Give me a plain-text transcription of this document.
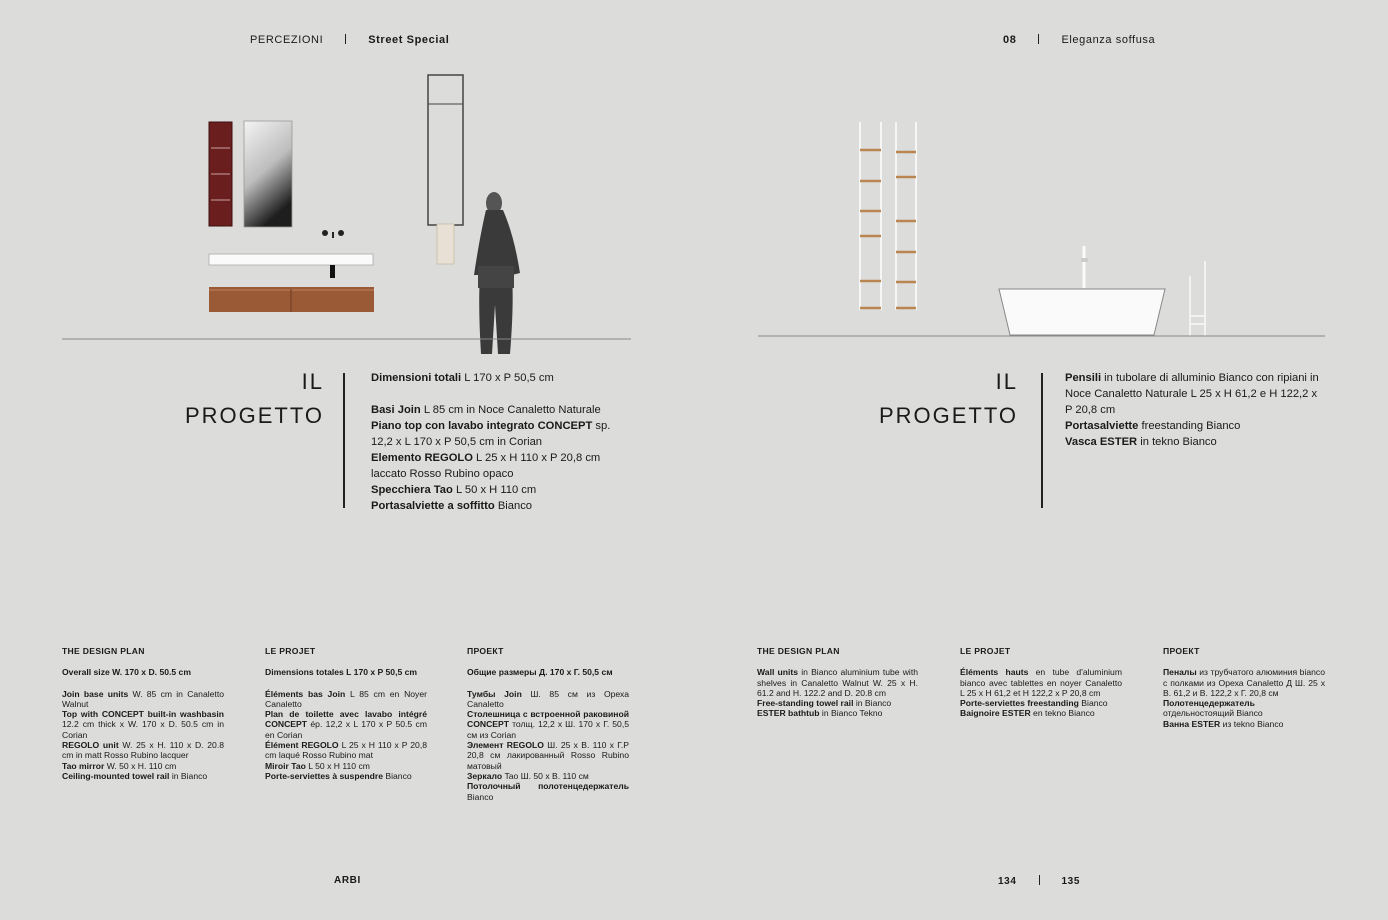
PERCEZIONI	Street Special	08	Eleganza soffusa
IL
PROGETTO

Dimensioni totali L 170 x P 50,5 cm

Basi Join L 85 cm in Noce Canaletto Naturale

Piano top con lavabo integrato CONCEPT sp. 12,2 x L 170 x P 50,5 cm in Corian

Elemento REGOLO L 25 x H 110 x P 20,8 cm laccato Rosso Rubino opaco

Specchiera Tao L 50 x H 110 cm

Portasalviette a soffitto Bianco

IL
PROGETTO

Pensili in tubolare di alluminio Bianco con ripiani in Noce Canaletto Naturale L 25 x H 61,2 e H 122,2 x P 20,8 cm

Portasalviette freestanding Bianco

Vasca ESTER in tekno Bianco

THE DESIGN PLAN
Overall size W. 170 x D. 50.5 cm

Join base units W. 85 cm in Canaletto Walnut

Top with CONCEPT built-in washbasin 12.2 cm thick x W. 170 x D. 50.5 cm in Corian

REGOLO unit W. 25 x H. 110 x D. 20.8 cm in matt Rosso Rubino lacquer

Tao mirror W. 50 x H. 110 cm

Ceiling-mounted towel rail in Bianco

LE PROJET
Dimensions totales L 170 x P 50,5 cm

Éléments bas Join L 85 cm en Noyer Canaletto

Plan de toilette avec lavabo intégré CONCEPT ép. 12,2 x L 170 x P 50.5 cm en Corian

Élément REGOLO L 25 x H 110 x P 20,8 cm laqué Rosso Rubino mat

Miroir Tao L 50 x H 110 cm

Porte-serviettes à suspendre Bianco

ПРОЕКТ
Общие размеры Д. 170 x Г. 50,5 см

Тумбы Join Ш. 85 см из Ореха Canaletto

Столешница с встроенной раковиной CONCEPT толщ. 12,2 x Ш. 170 x Г. 50,5 см из Corian

Элемент REGOLO Ш. 25 x В. 110 x Г.Р 20,8 см лакированный Rosso Rubino матовый

Зеркало Tao Ш. 50 x В. 110 см

Потолочный полотенцедержатель Bianco

THE DESIGN PLAN

Wall units in Bianco aluminium tube with shelves in Canaletto Walnut W. 25 x H. 61.2 and H. 122.2 and D. 20.8 cm

Free-standing towel rail in Bianco

ESTER bathtub in Bianco Tekno

LE PROJET

Éléments hauts en tube d'aluminium bianco avec tablettes en noyer Canaletto L 25 x H 61,2 et H 122,2 x P 20,8 cm

Porte-serviettes freestanding Bianco

Baignoire ESTER en tekno Bianco

ПРОЕКТ

Пеналы из трубчатого алюминия bianco с полками из Ореха Canaletto Д Ш. 25 x В. 61,2 и В. 122,2 x Г. 20,8 см

Полотенцедержатель отдельностоящий Bianco

Ванна ESTER из tekno Bianco

ARBI	134	135
